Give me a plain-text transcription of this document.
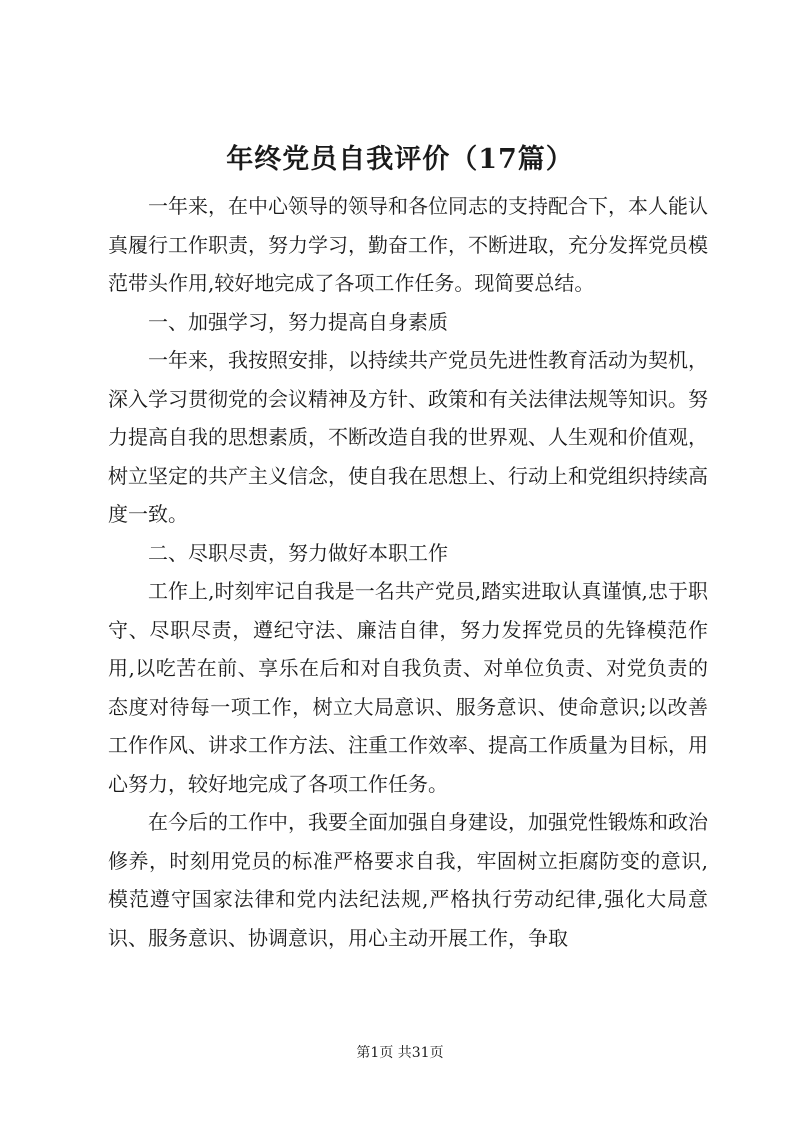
年终党员自我评价（17篇）

一年来，在中心领导的领导和各位同志的支持配合下，本人能认真履行工作职责，努力学习，勤奋工作，不断进取，充分发挥党员模范带头作用,较好地完成了各项工作任务。现简要总结。

一、加强学习，努力提高自身素质

一年来，我按照安排，以持续共产党员先进性教育活动为契机，深入学习贯彻党的会议精神及方针、政策和有关法律法规等知识。努力提高自我的思想素质，不断改造自我的世界观、人生观和价值观，树立坚定的共产主义信念，使自我在思想上、行动上和党组织持续高度一致。

二、尽职尽责，努力做好本职工作

工作上,时刻牢记自我是一名共产党员,踏实进取认真谨慎,忠于职守、尽职尽责，遵纪守法、廉洁自律，努力发挥党员的先锋模范作用,以吃苦在前、享乐在后和对自我负责、对单位负责、对党负责的态度对待每一项工作，树立大局意识、服务意识、使命意识;以改善工作作风、讲求工作方法、注重工作效率、提高工作质量为目标，用心努力，较好地完成了各项工作任务。

在今后的工作中，我要全面加强自身建设，加强党性锻炼和政治修养，时刻用党员的标准严格要求自我，牢固树立拒腐防变的意识,模范遵守国家法律和党内法纪法规,严格执行劳动纪律,强化大局意识、服务意识、协调意识，用心主动开展工作，争取

第1页 共31页
